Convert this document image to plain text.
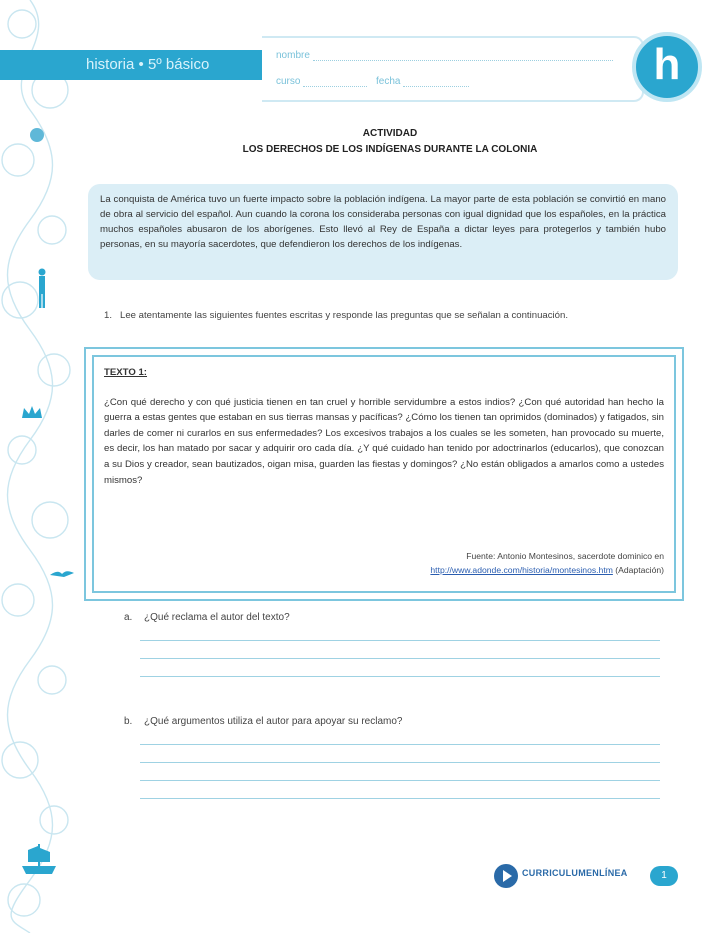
historia • 5º básico
nombre
curso	fecha	h
ACTIVIDAD
LOS DERECHOS DE LOS INDÍGENAS DURANTE LA COLONIA
La conquista de América tuvo un fuerte impacto sobre la población indígena. La mayor parte de esta población se convirtió en mano de obra al servicio del español. Aun cuando la corona los consideraba personas con igual dignidad que los españoles, en la práctica muchos españoles abusaron de los aborígenes. Esto llevó al Rey de España a dictar leyes para protegerlos y también hubo personas, en su mayoría sacerdotes, que defendieron los derechos de los indígenas.
1. Lee atentamente las siguientes fuentes escritas y responde las preguntas que se señalan a continuación.
TEXTO 1:
¿Con qué derecho y con qué justicia tienen en tan cruel y horrible servidumbre a estos indios? ¿Con qué autoridad han hecho la guerra a estas gentes que estaban en sus tierras mansas y pacíficas? ¿Cómo los tienen tan oprimidos (dominados) y fatigados, sin darles de comer ni curarlos en sus enfermedades? Los excesivos trabajos a los cuales se les someten, han provocado su muerte, es decir, los han matado por sacar y adquirir oro cada día. ¿Y qué cuidado han tenido por adoctrinarlos (educarlos), que conozcan a su Dios y creador, sean bautizados, oigan misa, guarden las fiestas y domingos? ¿No están obligados a amarlos como a ustedes mismos?
Fuente: Antonio Montesinos, sacerdote dominico en
http://www.adonde.com/historia/montesinos.htm (Adaptación)
a. ¿Qué reclama el autor del texto?
b. ¿Qué argumentos utiliza el autor para apoyar su reclamo?
CURRICULUMENLÍNEA	1
